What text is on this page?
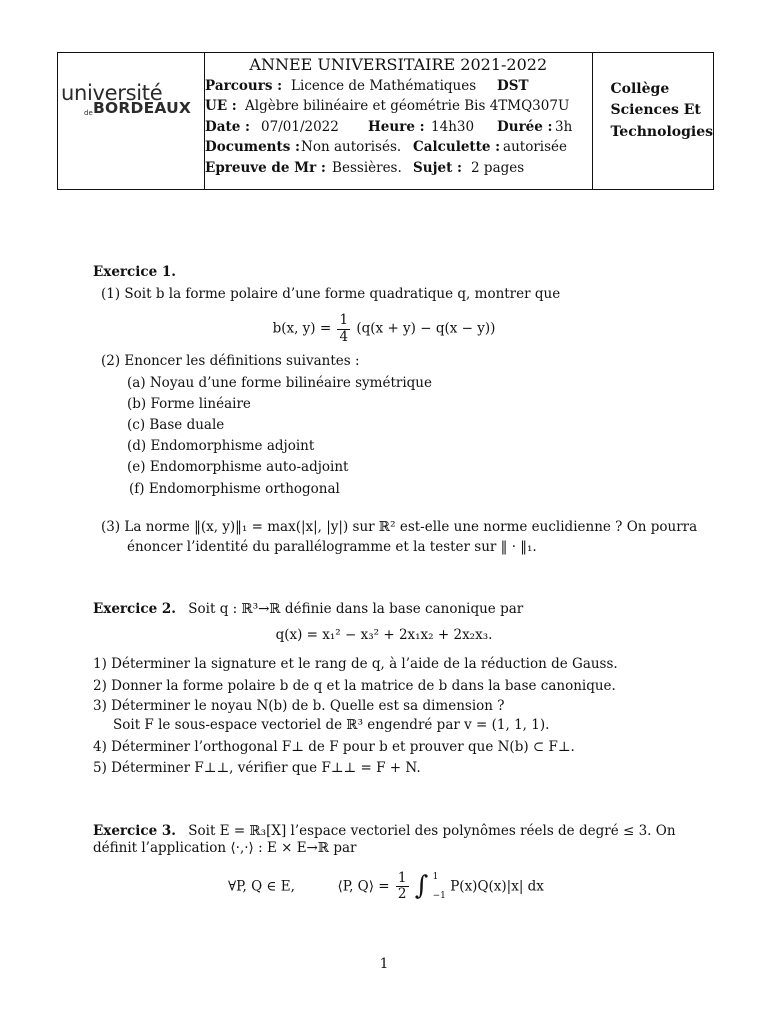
université
de BORDEAUX
ANNEE UNIVERSITAIRE 2021-2022
Parcours : Licence de Mathématiques DST
UE : Algèbre bilinéaire et géométrie Bis 4TMQ307U
Date : 07/01/2022 Heure : 14h30 Durée : 3h
Documents : Non autorisés. Calculette : autorisée
Epreuve de Mr : Bessières. Sujet : 2 pages
Collège
Sciences Et
Technologies
Exercice 1.
(1) Soit b la forme polaire d’une forme quadratique q, montrer que
b(x, $y) = \frac{1}{4} (q(x + y) - q(x - y))$
(2) Enoncer les définitions suivantes :
(a) Noyau d’une forme bilinéaire symétrique
(b) Forme linéaire
(c) Base duale
(d) Endomorphisme adjoint
(e) Endomorphisme auto-adjoint
(f) Endomorphisme orthogonal
(3) La norme ‖(x, y)‖₁ = max(|x|, |y|) sur ℝ² est-elle une norme euclidienne ? On pourra
énoncer l’identité du parallélogramme et la tester sur ‖ · ‖₁.
Exercice 2. Soit q : ℝ³→ℝ définie dans la base canonique par
q(x) = x₁² − x₃² + 2x₁x₂ + 2x₂x₃.
1) Déterminer la signature et le rang de q, à l’aide de la réduction de Gauss.
2) Donner la forme polaire b de q et la matrice de b dans la base canonique.
3) Déterminer le noyau N(b) de b. Quelle est sa dimension ?
Soit F le sous-espace vectoriel de ℝ³ engendré par v = (1, 1, 1).
4) Déterminer l’orthogonal F⊥ de F pour b et prouver que N(b) ⊂ F⊥.
5) Déterminer F⊥⊥, vérifier que F⊥⊥ = F + N.
Exercice 3. Soit E = ℝ₃[X] l’espace vectoriel des polynômes réels de degré ≤ 3. On
définit l’application ⟨·,·⟩ : E × E→ℝ par
∀P, Q ∈ E,	⟨P, Q⟩ = $\frac{1}{2}$ ∫ 1
−1
P(x)Q(x)|x| dx
1
